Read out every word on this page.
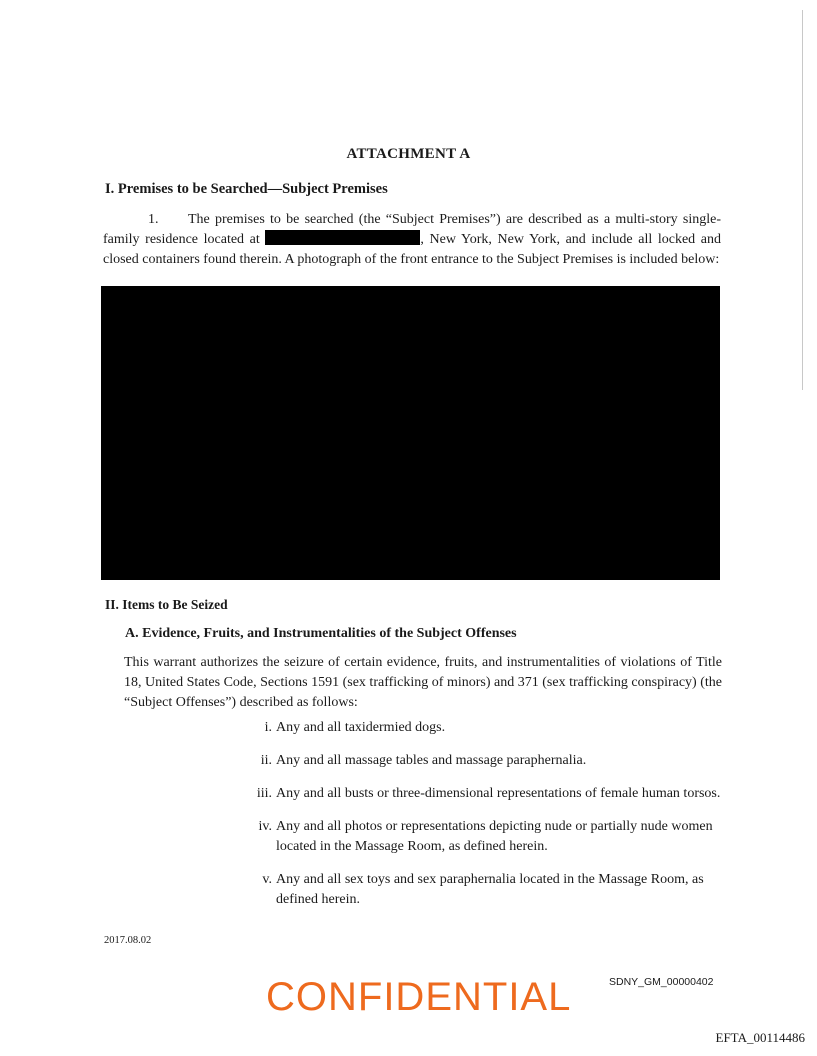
ATTACHMENT A
I. Premises to be Searched—Subject Premises
1. The premises to be searched (the “Subject Premises”) are described as a multi-story single-family residence located at	, New York, New York, and include all locked and closed containers found therein. A photograph of the front entrance to the Subject Premises is included below:
II. Items to Be Seized
A. Evidence, Fruits, and Instrumentalities of the Subject Offenses
This warrant authorizes the seizure of certain evidence, fruits, and instrumentalities of violations of Title 18, United States Code, Sections 1591 (sex trafficking of minors) and 371 (sex trafficking conspiracy) (the “Subject Offenses”) described as follows:
i. Any and all taxidermied dogs.
ii. Any and all massage tables and massage paraphernalia.
iii. Any and all busts or three-dimensional representations of female human torsos.
iv. Any and all photos or representations depicting nude or partially nude women located in the Massage Room, as defined herein.
v. Any and all sex toys and sex paraphernalia located in the Massage Room, as defined herein.
2017.08.02
CONFIDENTIAL	SDNY_GM_00000402
EFTA_00114486
